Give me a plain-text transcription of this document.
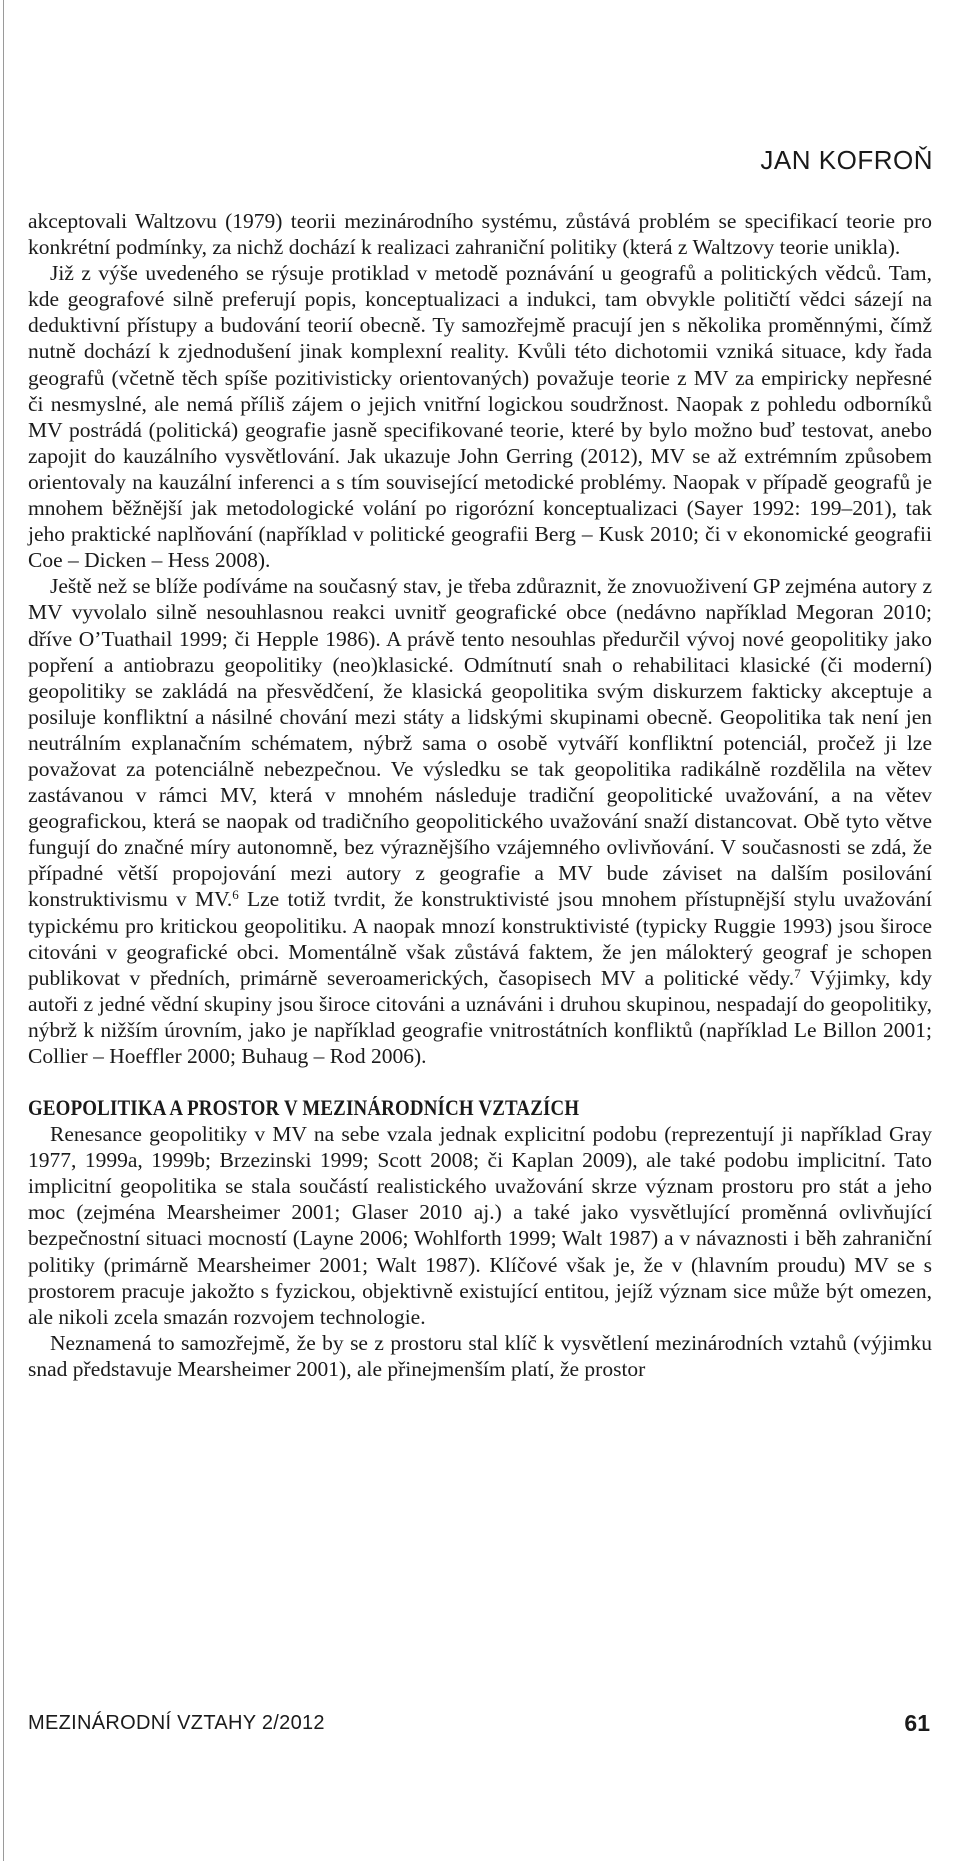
JAN KOFROŇ

akceptovali Waltzovu (1979) teorii mezinárodního systému, zůstává problém se specifikací teorie pro konkrétní podmínky, za nichž dochází k realizaci zahraniční politiky (která z Waltzovy teorie unikla).

Již z výše uvedeného se rýsuje protiklad v metodě poznávání u geografů a politických vědců. Tam, kde geografové silně preferují popis, konceptualizaci a indukci, tam obvykle političtí vědci sázejí na deduktivní přístupy a budování teorií obecně. Ty samozřejmě pracují jen s několika proměnnými, čímž nutně dochází k zjednodušení jinak komplexní reality. Kvůli této dichotomii vzniká situace, kdy řada geografů (včetně těch spíše pozitivisticky orientovaných) považuje teorie z MV za empiricky nepřesné či nesmyslné, ale nemá příliš zájem o jejich vnitřní logickou soudržnost. Naopak z pohledu odborníků MV postrádá (politická) geografie jasně specifikované teorie, které by bylo možno buď testovat, anebo zapojit do kauzálního vysvětlování. Jak ukazuje John Gerring (2012), MV se až extrémním způsobem orientovaly na kauzální inferenci a s tím související metodické problémy. Naopak v případě geografů je mnohem běžnější jak metodologické volání po rigorózní konceptualizaci (Sayer 1992: 199–201), tak jeho praktické naplňování (například v politické geografii Berg – Kusk 2010; či v ekonomické geografii Coe – Dicken – Hess 2008).

Ještě než se blíže podíváme na současný stav, je třeba zdůraznit, že znovuoživení GP zejména autory z MV vyvolalo silně nesouhlasnou reakci uvnitř geografické obce (nedávno například Megoran 2010; dříve O’Tuathail 1999; či Hepple 1986). A právě tento nesouhlas předurčil vývoj nové geopolitiky jako popření a antiobrazu geopolitiky (neo)klasické. Odmítnutí snah o rehabilitaci klasické (či moderní) geopolitiky se zakládá na přesvědčení, že klasická geopolitika svým diskurzem fakticky akceptuje a posiluje konfliktní a násilné chování mezi státy a lidskými skupinami obecně. Geopolitika tak není jen neutrálním explanačním schématem, nýbrž sama o osobě vytváří konfliktní potenciál, pročež ji lze považovat za potenciálně nebezpečnou. Ve výsledku se tak geopolitika radikálně rozdělila na větev zastávanou v rámci MV, která v mnohém následuje tradiční geopolitické uvažování, a na větev geografickou, která se naopak od tradičního geopolitického uvažování snaží distancovat. Obě tyto větve fungují do značné míry autonomně, bez výraznějšího vzájemného ovlivňování. V současnosti se zdá, že případné větší propojování mezi autory z geografie a MV bude záviset na dalším posilování konstruktivismu v MV.$^6$ Lze totiž tvrdit, že konstruktivisté jsou mnohem přístupnější stylu uvažování typickému pro kritickou geopolitiku. A naopak mnozí konstruktivisté (typicky Ruggie 1993) jsou široce citováni v geografické obci. Momentálně však zůstává faktem, že jen málokterý geograf je schopen publikovat v předních, primárně severoamerických, časopisech MV a politické vědy.$^7$ Výjimky, kdy autoři z jedné vědní skupiny jsou široce citováni a uznáváni i druhou skupinou, nespadají do geopolitiky, nýbrž k nižším úrovním, jako je například geografie vnitrostátních konfliktů (například Le Billon 2001; Collier – Hoeffler 2000; Buhaug – Rod 2006).

GEOPOLITIKA A PROSTOR V MEZINÁRODNÍCH VZTAZÍCH

Renesance geopolitiky v MV na sebe vzala jednak explicitní podobu (reprezentují ji například Gray 1977, 1999a, 1999b; Brzezinski 1999; Scott 2008; či Kaplan 2009), ale také podobu implicitní. Tato implicitní geopolitika se stala součástí realistického uvažování skrze význam prostoru pro stát a jeho moc (zejména Mearsheimer 2001; Glaser 2010 aj.) a také jako vysvětlující proměnná ovlivňující bezpečnostní situaci mocností (Layne 2006; Wohlforth 1999; Walt 1987) a v návaznosti i běh zahraniční politiky (primárně Mearsheimer 2001; Walt 1987). Klíčové však je, že v (hlavním proudu) MV se s prostorem pracuje jakožto s fyzickou, objektivně existující entitou, jejíž význam sice může být omezen, ale nikoli zcela smazán rozvojem technologie.

Neznamená to samozřejmě, že by se z prostoru stal klíč k vysvětlení mezinárodních vztahů (výjimku snad představuje Mearsheimer 2001), ale přinejmenším platí, že prostor

MEZINÁRODNÍ VZTAHY 2/2012	61
